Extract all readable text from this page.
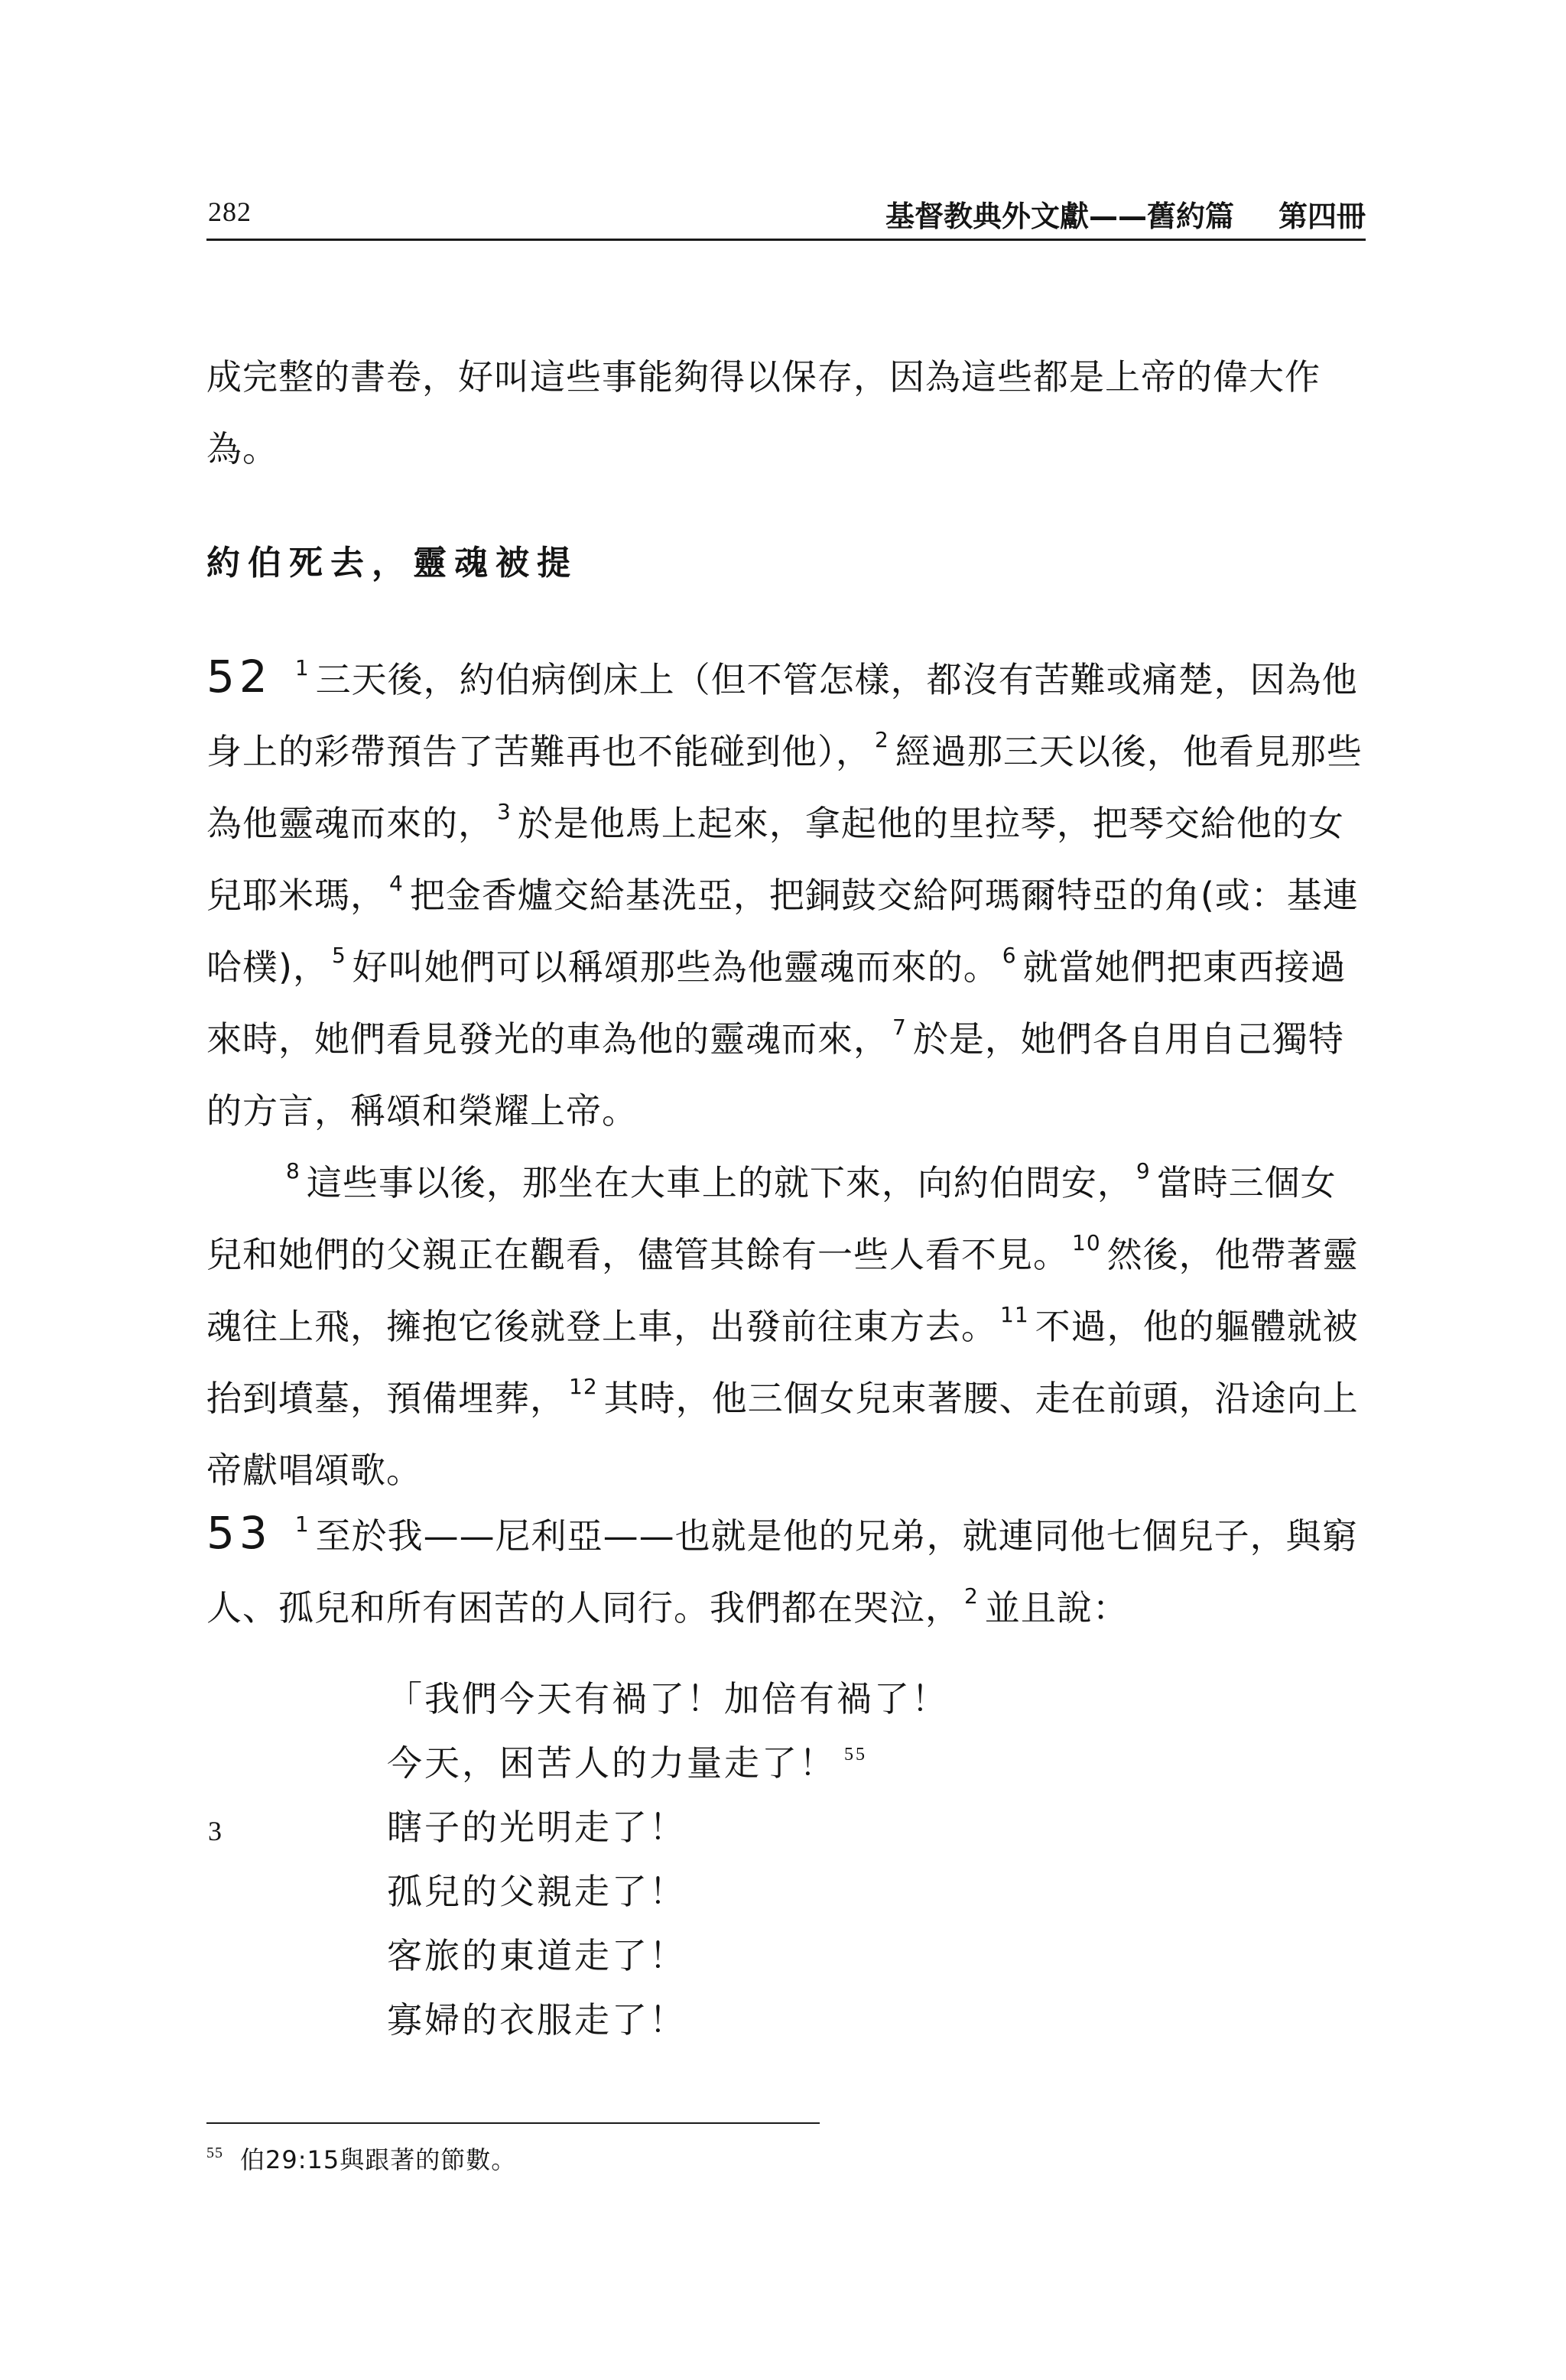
282	基督教典外文獻——舊約篇 第四冊

成完整的書卷，好叫這些事能夠得以保存，因為這些都是上帝的偉大作為。

約伯死去，靈魂被提

52 $^1$ 三天後，約伯病倒床上（但不管怎樣，都沒有苦難或痛楚，因為他身上的彩帶預告了苦難再也不能碰到他）， $^2$ 經過那三天以後，他看見那些為他靈魂而來的， $^3$ 於是他馬上起來，拿起他的里拉琴，把琴交給他的女兒耶米瑪， $^4$ 把金香爐交給基洗亞，把銅鼓交給阿瑪爾特亞的角(或：基連哈樸)， $^5$ 好叫她們可以稱頌那些為他靈魂而來的。 $^6$ 就當她們把東西接過來時，她們看見發光的車為他的靈魂而來， $^7$ 於是，她們各自用自己獨特的方言，稱頌和榮耀上帝。

$^8$ 這些事以後，那坐在大車上的就下來，向約伯問安， $^9$ 當時三個女兒和她們的父親正在觀看，儘管其餘有一些人看不見。 $^{10}$ 然後，他帶著靈魂往上飛，擁抱它後就登上車，出發前往東方去。 $^{11}$ 不過，他的軀體就被抬到墳墓，預備埋葬， $^{12}$ 其時，他三個女兒束著腰、走在前頭，沿途向上帝獻唱頌歌。

53 $^1$ 至於我——尼利亞——也就是他的兄弟，就連同他七個兒子，與窮人、孤兒和所有困苦的人同行。我們都在哭泣， $^2$ 並且說：

「我們今天有禍了！加倍有禍了！
今天，困苦人的力量走了！ $^{55}$
瞎子的光明走了！
孤兒的父親走了！
客旅的東道走了！
寡婦的衣服走了！
3
$^{55}$ 伯29:15與跟著的節數。
